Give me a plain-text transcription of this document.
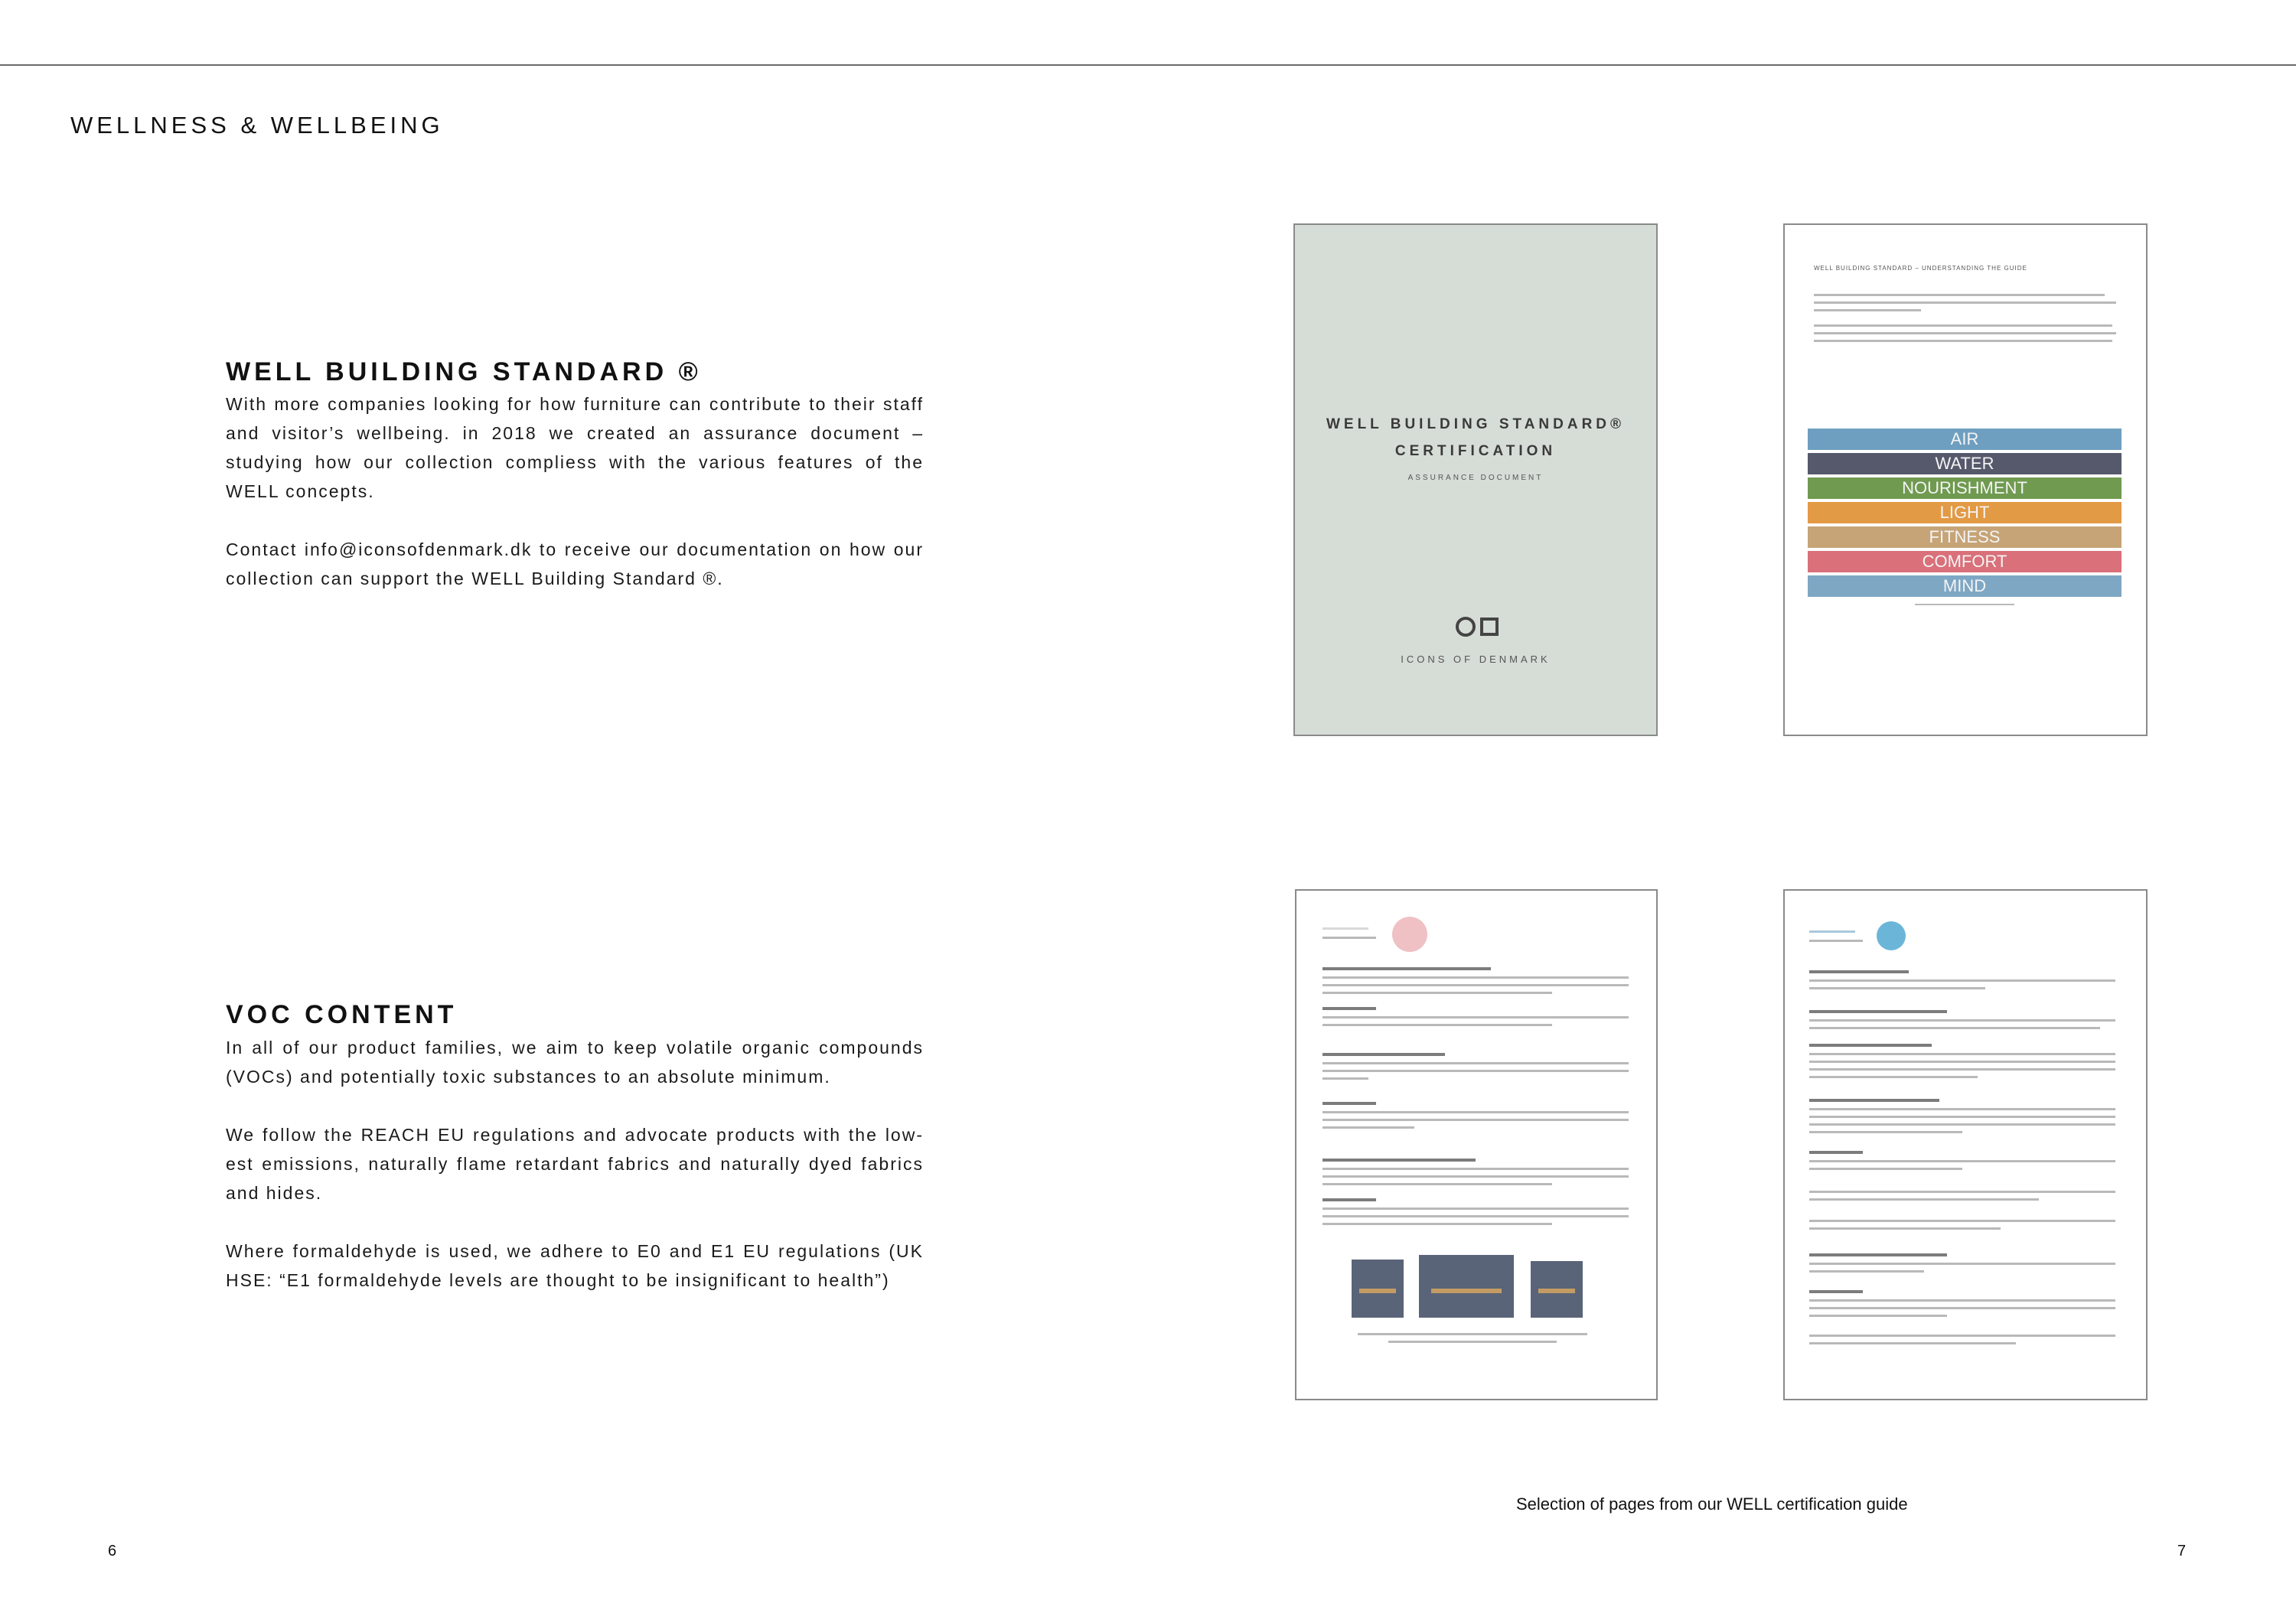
WELLNESS & WELLBEING
WELL BUILDING STANDARD ®

With more companies looking for how furniture can contribute to their staff and visitor’s wellbeing. in 2018 we created an assurance document – studying how our collection compliess with the various features of the WELL concepts.

Contact info@iconsofdenmark.dk to receive our documentation on how our collection can support the WELL Building Standard ®.

VOC CONTENT

In all of our product families, we aim to keep volatile organic compounds (VOCs) and potentially toxic substances to an absolute minimum.

We follow the REACH EU regulations and advocate products with the low-est emissions, naturally flame retardant fabrics and naturally dyed fabrics and hides.

Where formaldehyde is used, we adhere to E0 and E1 EU regulations (UK HSE: “E1 formaldehyde levels are thought to be insignificant to health”)

WELL BUILDING STANDARD®
CERTIFICATION
ASSURANCE DOCUMENT
ICONS OF DENMARK
WELL BUILDING STANDARD – UNDERSTANDING THE GUIDE
AIR
WATER
NOURISHMENT
LIGHT
FITNESS
COMFORT
MIND
Selection of pages from our WELL certification guide
6	7
